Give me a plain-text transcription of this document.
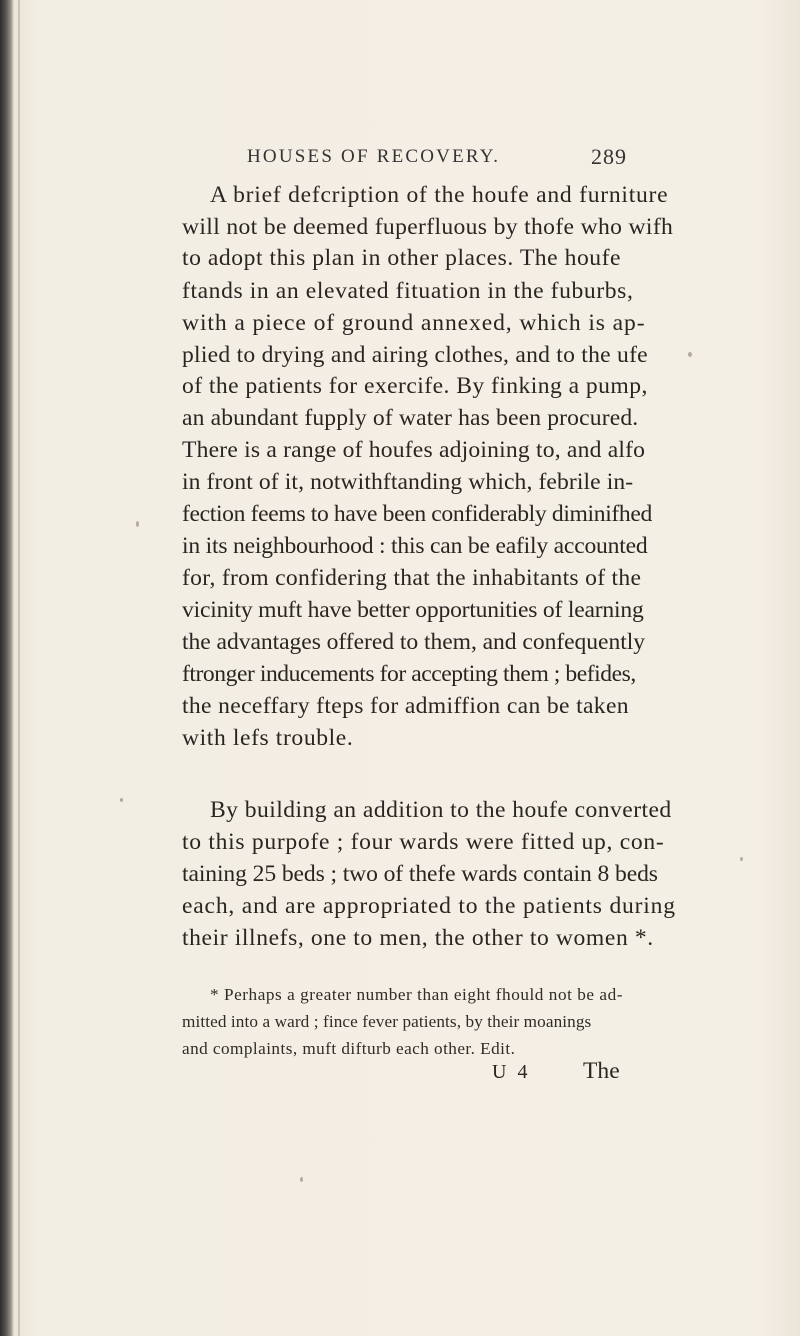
HOUSES OF RECOVERY.	289
A brief defcription of the houfe and furniture
will not be deemed fuperfluous by thofe who wifh
to adopt this plan in other places. The houfe
ftands in an elevated fituation in the fuburbs,
with a piece of ground annexed, which is ap-
plied to drying and airing clothes, and to the ufe
of the patients for exercife. By finking a pump,
an abundant fupply of water has been procured.
There is a range of houfes adjoining to, and alfo
in front of it, notwithftanding which, febrile in-
fection feems to have been confiderably diminifhed
in its neighbourhood : this can be eafily accounted
for, from confidering that the inhabitants of the
vicinity muft have better opportunities of learning
the advantages offered to them, and confequently
ftronger inducements for accepting them ; befides,
the neceffary fteps for admiffion can be taken
with lefs trouble.
By building an addition to the houfe converted
to this purpofe ; four wards were fitted up, con-
taining 25 beds ; two of thefe wards contain 8 beds
each, and are appropriated to the patients during
their illnefs, one to men, the other to women *.
* Perhaps a greater number than eight fhould not be ad-
mitted into a ward ; fince fever patients, by their moanings
and complaints, muft difturb each other. Edit.
U 4 The
